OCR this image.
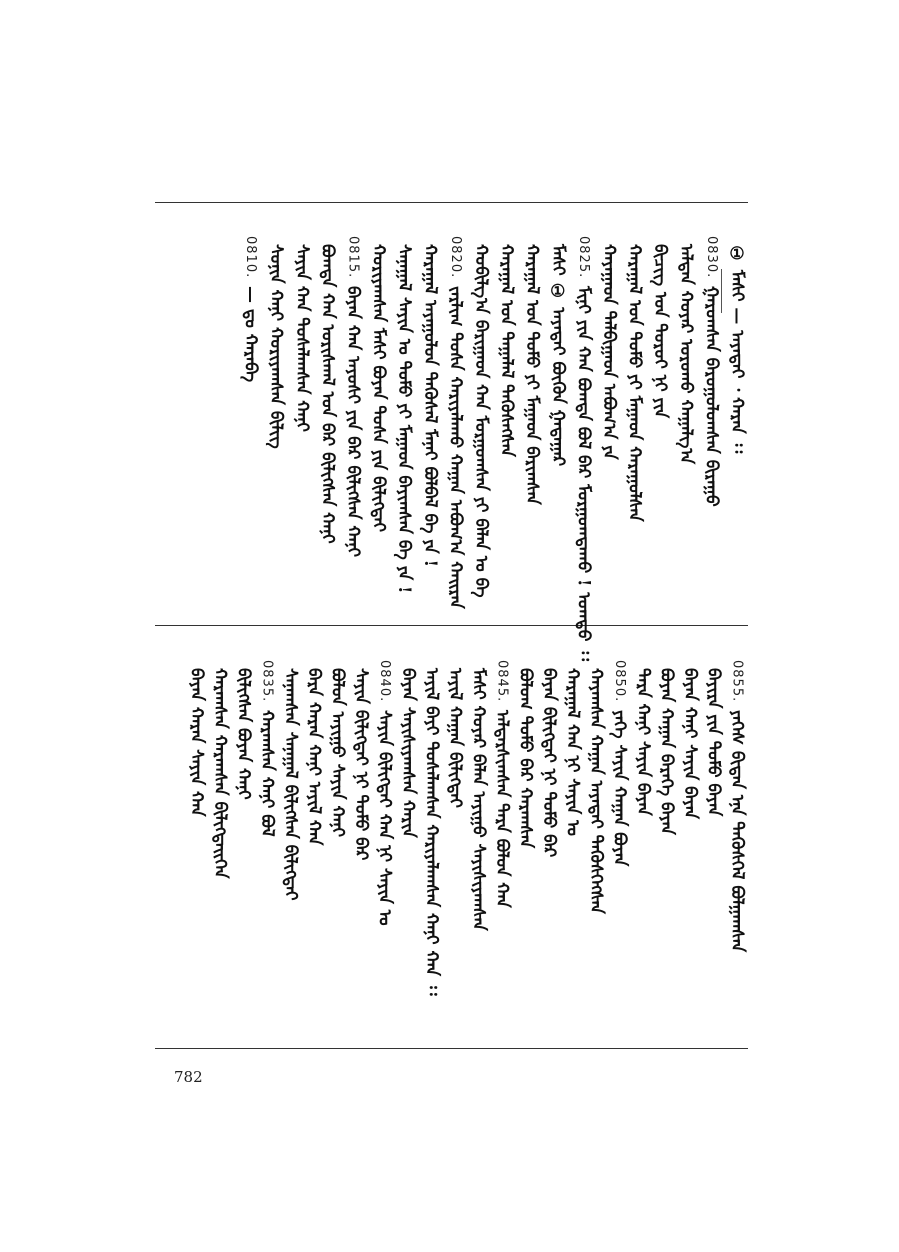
① ᠮᠠᠰᠢ — ᠠᠶᠠᠳᠠᠢ ᠂ ᠬᠠᠷᠠᠨ ᠄᠄
0830.
ᠭᠠᠷᠤᠭᠰᠠᠨ ᠪᠠᠷᠤᠭᠤᠯᠤᠭᠰᠠᠨ ᠪᠢᠷᠠᠭᠤ
ᠠᠯᠲᠠᠨ ᠬᠣᠶᠠᠷ ᠣᠷᠤᠬᠤ ᠬᠠᠭᠠᠯᠭ᠎ᠠ
ᠪᠢᠴᠢᠭ ᠤᠨ ᠳᠣᠷᠣᠢ ᠨᠢ ᠶᠢᠨ
ᠬᠠᠷᠠᠭᠠᠯ ᠤᠨ ᠲᠣᠮᠣ ᠶᠢ ᠮᠠᠭᠠᠳ ᠬᠠᠷᠠᠭᠤᠯᠰᠠᠨ
ᠬᠠᠶᠠᠭᠠᠳ ᠲᠠᠯᠪᠢᠭᠠᠳ ᠠᠪᠤᠭ᠎ᠠ ᠶᠠ
0825.
ᠮᠢᠨᠢ ᠶᠢᠨ ᠬᠠᠨ ᠪᠣᠭᠳᠠ ᠪᠣᠯ ᠪᠠᠷ ᠮᠣᠷᠭᠣᠭᠳᠠᠬᠤ ! ᠣᠭᠲᠤ ᠄᠄
ᠮᠠᠰᠢ ① ᠠᠶᠠᠳᠠᠢ ᠪᠦᠬᠦᠨ ᠭᠠᠳᠠᠭᠠᠷ
ᠬᠠᠷᠠᠭᠠᠯ ᠤᠨ ᠲᠣᠮᠣ ᠶᠢ ᠮᠠᠭᠠᠳ ᠪᠠᠷᠢᠭᠰᠠᠨ
ᠬᠠᠷᠠᠭᠠᠯ ᠣᠨ ᠲᠠᠭᠠᠯᠠᠯ ᠲᠡᠭᠦᠰᠡᠭᠰᠡᠨ
ᠬᠤᠪᠢᠯᠭ᠎ᠠ ᠪᠠᠷᠢᠭᠠᠳ ᠬᠠᠨ ᠮᠣᠷᠭᠣᠭᠰᠠᠨ ᠶᠢ ᠪᠡᠯᠡᠨ ᠤ ᠪᠠ
0820.
ᠵᠠᠷᠯᠢᠭ ᠲᠤᠰᠠ ᠬᠠᠷᠢᠶᠠᠯᠠᠬᠤ ᠬᠠᠭᠠᠨ ᠠᠪᠤᠭ᠎ᠠ ᠬᠠᠢᠷᠠᠨ
ᠬᠠᠷᠠᠭᠠᠯ ᠠᠶᠠᠭᠤᠯᠤᠨ ᠲᠡᠭᠦᠰᠡᠯ ᠮᠠᠨᠠᠢ ᠪᠣᠯᠪᠠᠯ ᠪᠠ ᠶᠠ !
ᠰᠠᠨᠠᠭᠠᠯ ᠰᠠᠶᠢᠨ ᠤ ᠲᠣᠮᠣ ᠶᠢ ᠮᠠᠭᠠᠳ ᠪᠠᠶᠢᠭᠰᠠᠨ ᠪᠠ ᠶᠠ !
ᠬᠤᠷᠢᠶᠠᠭᠰᠠᠨ ᠮᠠᠰᠢ ᠪᠤᠶᠠᠨ ᠲᠤᠰᠠ ᠶᠢᠨ ᠪᠢᠯᠢᠭᠲᠡᠢ
0815.
ᠪᠠᠶᠠᠨ ᠬᠠᠨ ᠠᠶᠤᠰᠢ ᠶᠢᠨ ᠪᠡᠷ ᠪᠢᠯᠢᠭᠰᠡᠨ ᠬᠠᠨᠢ
ᠪᠣᠭᠳᠠ ᠬᠠᠨ ᠤᠷᠢᠰᠬᠠᠯ ᠤᠨ ᠪᠡᠷ ᠪᠢᠯᠢᠭᠰᠡᠨ ᠬᠠᠨᠢ
ᠰᠠᠶᠢᠨ ᠬᠠᠨ ᠲᠤᠰᠠᠯᠠᠭᠰᠠᠨ ᠬᠠᠨᠢ
ᠰᠣᠨᠢᠨ ᠬᠠᠨᠢ ᠬᠤᠷᠢᠶᠠᠭᠰᠠᠨ ᠪᠢᠯᠢᠭ
0810.
— ᠳᠤ ᠬᠠᠷᠠᠪᠠ
0855.
ᠶᠡᠬᠡᠰ ᠪᠢᠳᠡᠨ ᠡᠨᠡ ᠲᠡᠭᠦᠰᠬᠡᠯ ᠪᠣᠯᠭᠠᠭᠰᠠᠨ
ᠪᠠᠶᠢᠷᠠ ᠶᠢᠨ ᠲᠣᠮᠣ ᠪᠠᠶᠠᠨ
ᠪᠠᠶᠠᠨ ᠬᠠᠨᠢ ᠰᠠᠶᠢᠨ ᠪᠠᠶᠠᠨ
ᠪᠤᠶᠠᠨ ᠬᠠᠭᠠᠨ ᠪᠡᠷᠡᠭᠡ ᠪᠠᠶᠠᠨ
ᠲᠡᠷᠡ ᠬᠠᠨᠢ ᠰᠠᠶᠢᠨ ᠪᠠᠶᠠᠨ
0850.
ᠶᠡᠬᠡ ᠰᠠᠶᠢᠨ ᠬᠠᠭᠠᠨ ᠪᠤᠶᠠᠨ
ᠬᠠᠶᠠᠭᠰᠠᠨ ᠬᠠᠭᠠᠨ ᠠᠶᠠᠳᠠᠢ ᠲᠡᠭᠦᠰᠭᠡᠭᠰᠡᠨ
ᠬᠠᠷᠠᠭᠠᠯ ᠬᠠᠨ ᠨᠢ ᠰᠠᠶᠢᠨ ᠤ
ᠪᠠᠶᠠᠨ ᠪᠢᠯᠢᠭᠲᠡᠢ ᠨᠢ ᠲᠣᠮᠣ ᠪᠠᠷ
ᠪᠣᠯᠤᠭ ᠲᠣᠮᠣ ᠪᠠᠷ ᠬᠠᠷᠠᠭᠰᠠᠨ
0845.
ᠠᠯᠳᠠᠷᠰᠢᠭᠰᠠᠨ ᠲᠡᠷᠡ ᠪᠣᠯᠤᠨ ᠬᠠᠨ
ᠮᠠᠰᠢ ᠬᠣᠶᠠᠷ ᠪᠡᠯᠡᠨ ᠠᠶᠢᠭᠤ ᠰᠠᠶᠢᠰᠢᠶᠠᠭᠰᠠᠨ
ᠠᠶᠢᠯ ᠬᠠᠭᠠᠨ ᠪᠢᠯᠢᠭᠲᠡᠢ
ᠠᠶᠢᠯ ᠪᠠᠶᠢ ᠲᠤᠰᠠᠯᠠᠭᠰᠠᠨ ᠬᠠᠷᠢᠶᠠᠯᠠᠭᠰᠠᠨ ᠬᠠᠨᠢ ᠬᠠᠨ ᠄᠄
ᠪᠠᠶᠠᠨ ᠰᠠᠶᠢᠰᠢᠶᠠᠭᠰᠠᠨ ᠬᠠᠷᠢᠨ
0840.
ᠰᠠᠶᠢᠨ ᠪᠢᠯᠢᠭᠲᠡᠢ ᠬᠠᠨ ᠨᠢ ᠰᠠᠶᠢᠨ ᠤ
ᠰᠠᠶᠢᠨ ᠪᠢᠯᠢᠭᠲᠡᠢ ᠨᠢ ᠲᠣᠮᠣ ᠪᠠᠷ
ᠪᠣᠯᠤᠨ ᠠᠶᠢᠭᠤ ᠰᠠᠶᠢᠨ ᠬᠠᠨᠢ
ᠪᠠᠷᠠ ᠬᠠᠷᠠᠨ ᠬᠠᠨᠢ ᠠᠶᠢᠯ ᠬᠠᠨ
ᠰᠠᠨᠠᠭᠰᠠᠨ ᠰᠠᠨᠠᠭᠠᠯ ᠪᠢᠯᠢᠭᠰᠡᠨ ᠪᠢᠯᠢᠭᠲᠡᠢ
0835.
ᠬᠠᠷᠠᠭᠰᠠᠨ ᠬᠠᠨᠢ ᠪᠣᠯ
ᠪᠢᠯᠢᠭᠰᠡᠨ ᠪᠤᠶᠠᠨ ᠬᠠᠨᠢ
ᠬᠠᠷᠠᠭᠰᠠᠨ ᠬᠠᠷᠠᠭᠰᠠᠨ ᠪᠢᠯᠢᠭᠲᠡᠢᠬᠡᠨ
ᠪᠠᠶᠠᠨ ᠬᠠᠷᠠᠨ ᠰᠠᠶᠢᠨ ᠬᠠᠨ
782
